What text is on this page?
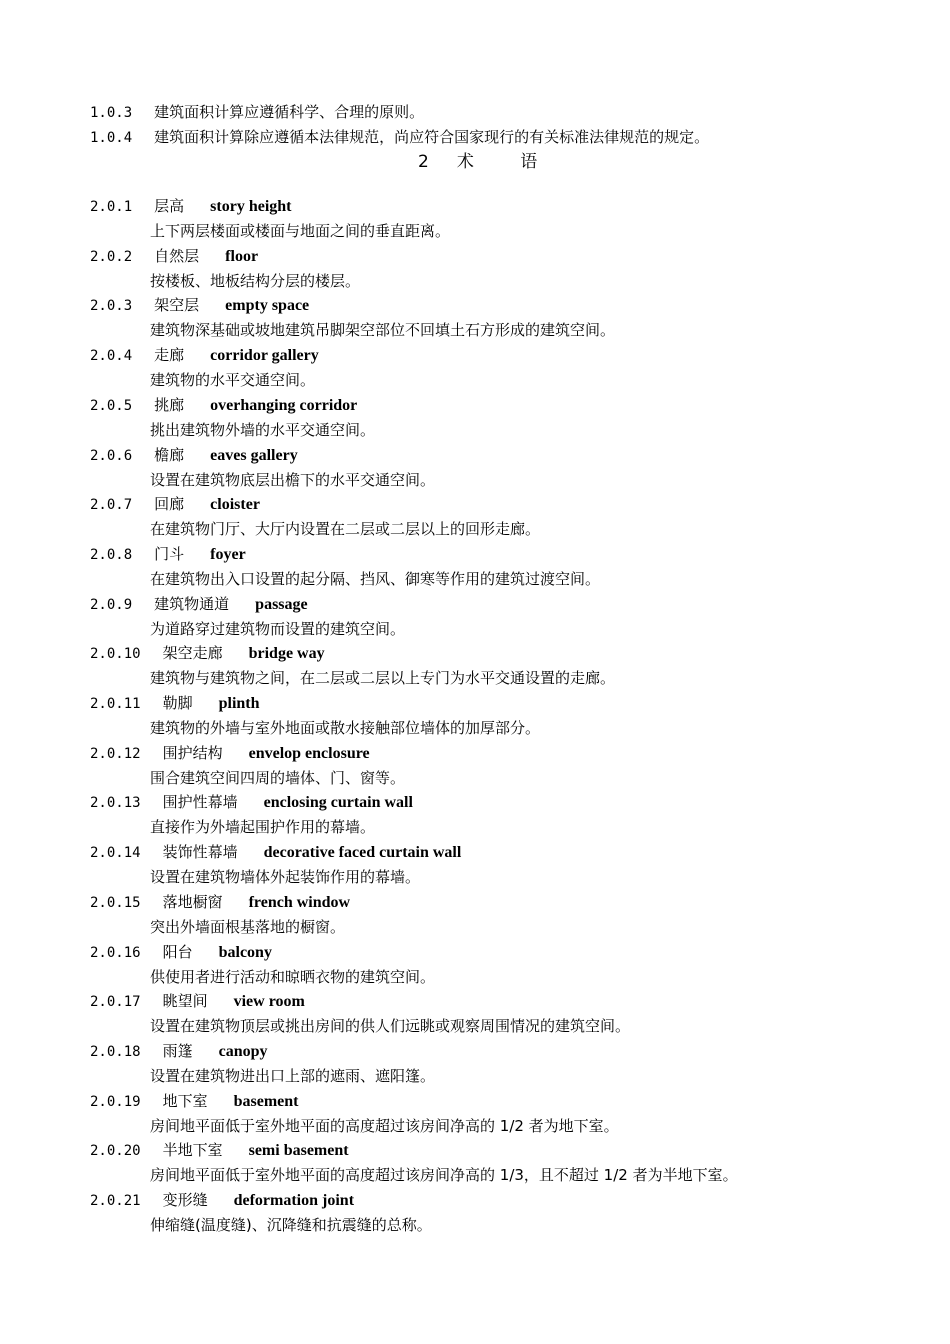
1.0.3 建筑面积计算应遵循科学、合理的原则。
1.0.4 建筑面积计算除应遵循本法律规范，尚应符合国家现行的有关标准法律规范的规定。
2 术      语
2.0.1 层高 story height
上下两层楼面或楼面与地面之间的垂直距离。
2.0.2 自然层 floor
按楼板、地板结构分层的楼层。
2.0.3 架空层 empty space
建筑物深基础或坡地建筑吊脚架空部位不回填土石方形成的建筑空间。
2.0.4 走廊 corridor gallery
建筑物的水平交通空间。
2.0.5 挑廊 overhanging corridor
挑出建筑物外墙的水平交通空间。
2.0.6 檐廊 eaves gallery
设置在建筑物底层出檐下的水平交通空间。
2.0.7 回廊 cloister
在建筑物门厅、大厅内设置在二层或二层以上的回形走廊。
2.0.8 门斗 foyer
在建筑物出入口设置的起分隔、挡风、御寒等作用的建筑过渡空间。
2.0.9 建筑物通道 passage
为道路穿过建筑物而设置的建筑空间。
2.0.10 架空走廊 bridge way
建筑物与建筑物之间，在二层或二层以上专门为水平交通设置的走廊。
2.0.11 勒脚 plinth
建筑物的外墙与室外地面或散水接触部位墙体的加厚部分。
2.0.12 围护结构 envelop enclosure
围合建筑空间四周的墙体、门、窗等。
2.0.13 围护性幕墙 enclosing curtain wall
直接作为外墙起围护作用的幕墙。
2.0.14 装饰性幕墙 decorative faced curtain wall
设置在建筑物墙体外起装饰作用的幕墙。
2.0.15 落地橱窗 french window
突出外墙面根基落地的橱窗。
2.0.16 阳台 balcony
供使用者进行活动和晾晒衣物的建筑空间。
2.0.17 眺望间 view room
设置在建筑物顶层或挑出房间的供人们远眺或观察周围情况的建筑空间。
2.0.18 雨篷 canopy
设置在建筑物进出口上部的遮雨、遮阳篷。
2.0.19 地下室 basement
房间地平面低于室外地平面的高度超过该房间净高的 1/2 者为地下室。
2.0.20 半地下室 semi basement
房间地平面低于室外地平面的高度超过该房间净高的 1/3，且不超过 1/2 者为半地下室。
2.0.21 变形缝 deformation joint
伸缩缝(温度缝)、沉降缝和抗震缝的总称。
